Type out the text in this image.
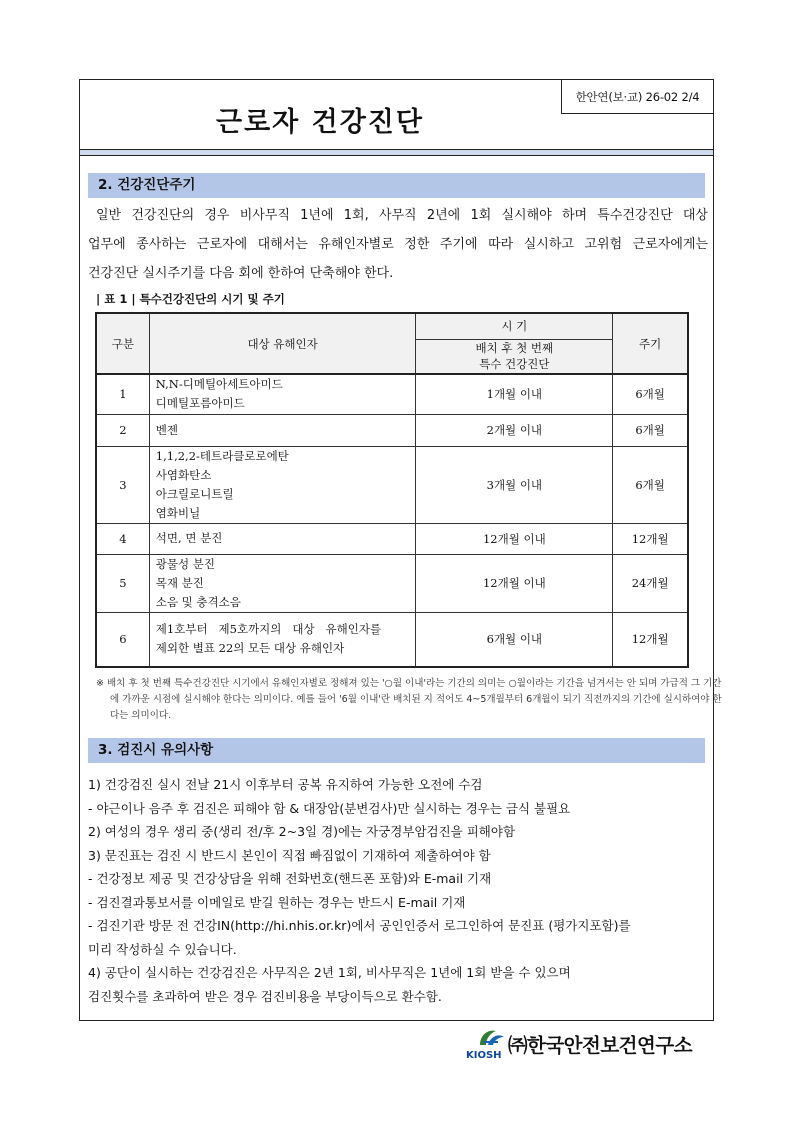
한안연(보·교) 26-02 2/4
근로자 건강진단
2. 건강진단주기
일반 건강진단의 경우 비사무직 1년에 1회, 사무직 2년에 1회 실시해야 하며 특수건강진단 대상
업무에 종사하는 근로자에 대해서는 유해인자별로 정한 주기에 따라 실시하고 고위험 근로자에게는
건강진단 실시주기를 다음 회에 한하여 단축해야 한다.
| 표 1 | 특수건강진단의 시기 및 주기
구분	대상 유해인자	시 기	주기
		배치 후 첫 번째
특수 건강진단	
1	N,N-디메틸아세트아미드
디메틸포름아미드	1개월 이내	6개월
2	벤젠	2개월 이내	6개월
3	1,1,2,2-테트라클로로에탄
사염화탄소
아크릴로니트릴
염화비닐	3개월 이내	6개월
4	석면, 면 분진	12개월 이내	12개월
5	광물성 분진
목재 분진
소음 및 충격소음	12개월 이내	24개월
6	제1호부터   제5호까지의   대상   유해인자를
제외한 별표 22의 모든 대상 유해인자	6개월 이내	12개월
※ 배치 후 첫 번째 특수건강진단 시기에서 유해인자별로 정해져 있는 '○월 이내'라는 기간의 의미는 ○월이라는 기간을 넘겨서는 안 되며 가급적 그 기간에 가까운 시점에 실시해야 한다는 의미이다. 예를 들어 '6월 이내'란 배치된 지 적어도 4~5개월부터 6개월이 되기 직전까지의 기간에 실시하여야 한다는 의미이다.
3. 검진시 유의사항
1) 건강검진 실시 전날 21시 이후부터 공복 유지하여 가능한 오전에 수검
- 야근이나 음주 후 검진은 피해야 함 & 대장암(분변검사)만 실시하는 경우는 금식 불필요
2) 여성의 경우 생리 중(생리 전/후 2~3일 경)에는 자궁경부암검진을 피해야함
3) 문진표는 검진 시 반드시 본인이 직접 빠짐없이 기재하여 제출하여야 함
- 건강정보 제공 및 건강상담을 위해 전화번호(핸드폰 포함)와 E-mail 기재
- 검진결과통보서를 이메일로 받길 원하는 경우는 반드시 E-mail 기재
- 검진기관 방문 전 건강IN(http://hi.nhis.or.kr)에서 공인인증서 로그인하여 문진표 (평가지포함)를
미리 작성하실 수 있습니다.
4) 공단이 실시하는 건강검진은 사무직은 2년 1회, 비사무직은 1년에 1회 받을 수 있으며
검진횟수를 초과하여 받은 경우 검진비용을 부당이득으로 환수함.
KIOSH ㈜한국안전보건연구소
